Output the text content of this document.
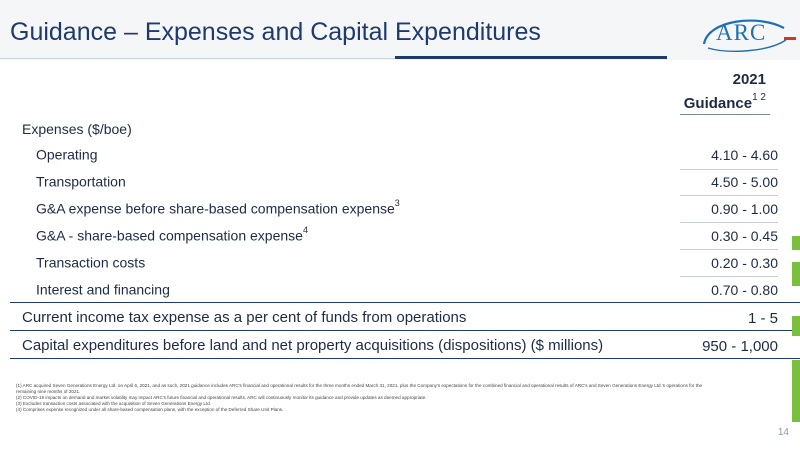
Guidance – Expenses and Capital Expenditures	ARC
2021
Guidance$^{1 2}$
Expenses ($/boe)
Operating	4.10 - 4.60
Transportation	4.50 - 5.00
G&A expense before share-based compensation expense$^3$	0.90 - 1.00
G&A - share-based compensation expense$^4$	0.30 - 0.45
Transaction costs	0.20 - 0.30
Interest and financing	0.70 - 0.80
Current income tax expense as a per cent of funds from operations	1 - 5
Capital expenditures before land and net property acquisitions (dispositions) ($ millions)	950 - 1,000
(1) ARC acquired Seven Generations Energy Ltd. on April 6, 2021, and as such, 2021 guidance includes ARC's financial and operational results for the three months ended March 31, 2021, plus the Company's expectations for the combined financial and operational results of ARC's and Seven Generations Energy Ltd.'s operations for the
remaining nine months of 2021.
(2) COVID-19 impacts on demand and market volatility may impact ARC's future financial and operational results. ARC will continuously monitor its guidance and provide updates as deemed appropriate.
(3) Excludes transaction costs associated with the acquisition of Seven Generations Energy Ltd.
(4) Comprises expense recognized under all share-based compensation plans, with the exception of the Deferred Share Unit Plans.
14
